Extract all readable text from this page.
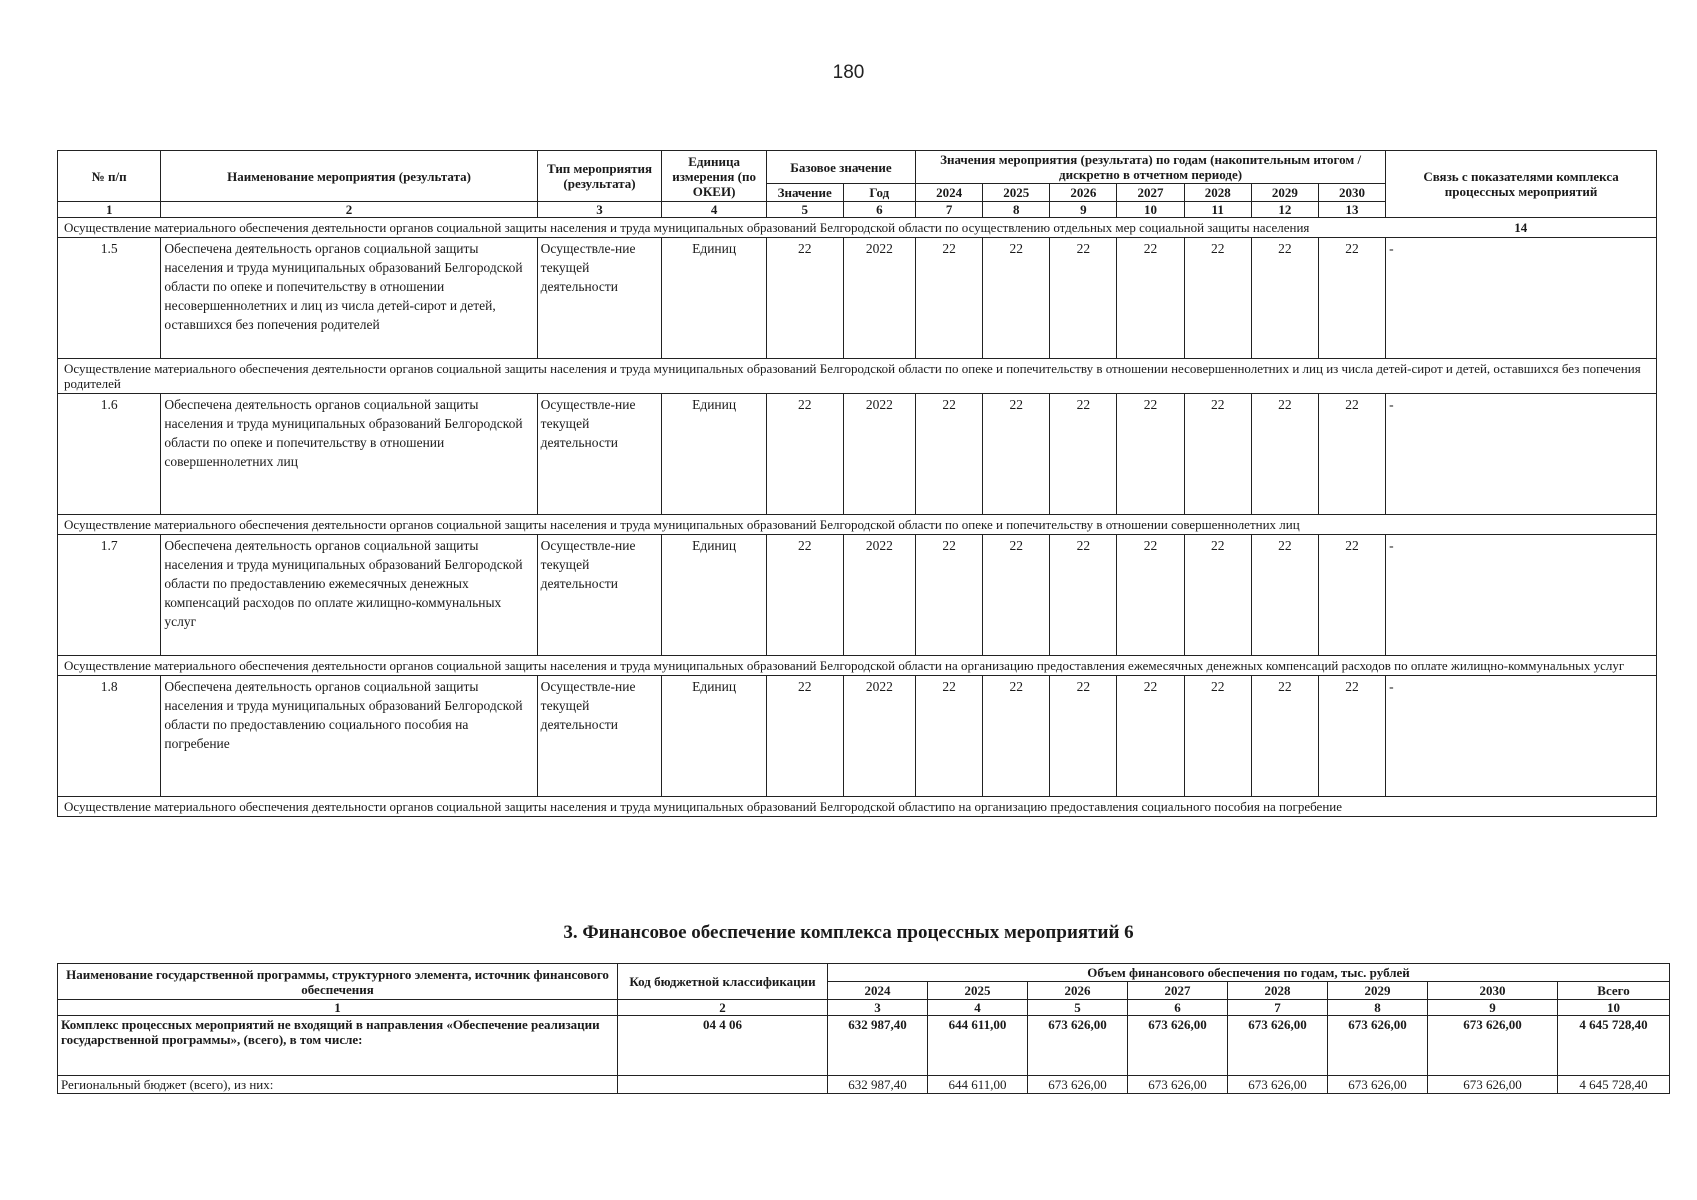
180
№ п/п	Наименование мероприятия (результата)	Тип мероприятия (результата)	Единица измерения (по ОКЕИ)	Базовое значение		Значения мероприятия (результата) по годам (накопительным итогом / дискретно в отчетном периоде)							Связь с показателями комплекса процессных мероприятий
				Значение	Год	2024	2025	2026	2027	2028	2029	2030	
1	2	3	4	5	6	7	8	9	10	11	12	13	
Осуществление материального обеспечения деятельности органов социальной защиты населения и труда муниципальных образований Белгородской области по осуществлению отдельных мер социальной защиты населения													14
1.5	Обеспечена деятельность органов социальной защиты населения и труда муниципальных образований Белгородской области по опеке и попечительству в отношении несовершеннолетних и лиц из числа детей-сирот и детей, оставшихся без попечения родителей	Осуществле-ние текущей деятельности	Единиц	22	2022	22	22	22	22	22	22	22	-
Осуществление материального обеспечения деятельности органов социальной защиты населения и труда муниципальных образований Белгородской области по опеке и попечительству в отношении несовершеннолетних и лиц из числа детей-сирот и детей, оставшихся без попечения родителей													
1.6	Обеспечена деятельность органов социальной защиты населения и труда муниципальных образований Белгородской области по опеке и попечительству в отношении совершеннолетних лиц	Осуществле-ние текущей деятельности	Единиц	22	2022	22	22	22	22	22	22	22	-
Осуществление материального обеспечения деятельности органов социальной защиты населения и труда муниципальных образований Белгородской области по опеке и попечительству в отношении совершеннолетних лиц													
1.7	Обеспечена деятельность органов социальной защиты населения и труда муниципальных образований Белгородской области по предоставлению ежемесячных денежных компенсаций расходов по оплате жилищно-коммунальных услуг	Осуществле-ние текущей деятельности	Единиц	22	2022	22	22	22	22	22	22	22	-
Осуществление материального обеспечения деятельности органов социальной защиты населения и труда муниципальных образований Белгородской области на организацию предоставления ежемесячных денежных компенсаций расходов по оплате жилищно-коммунальных услуг													
1.8	Обеспечена деятельность органов социальной защиты населения и труда муниципальных образований Белгородской области по предоставлению социального пособия на погребение	Осуществле-ние текущей деятельности	Единиц	22	2022	22	22	22	22	22	22	22	-
Осуществление материального обеспечения деятельности органов социальной защиты населения и труда муниципальных образований Белгородской областипо на организацию предоставления социального пособия на погребение													
3. Финансовое обеспечение комплекса процессных мероприятий 6
Наименование государственной программы, структурного элемента, источник финансового обеспечения	Код бюджетной классификации	Объем финансового обеспечения по годам, тыс. рублей							
		2024	2025	2026	2027	2028	2029	2030	Всего
1	2	3	4	5	6	7	8	9	10
Комплекс процессных мероприятий не входящий в направления «Обеспечение реализации государственной программы», (всего), в том числе:	04 4 06	632 987,40	644 611,00	673 626,00	673 626,00	673 626,00	673 626,00	673 626,00	4 645 728,40
Региональный бюджет (всего), из них:		632 987,40	644 611,00	673 626,00	673 626,00	673 626,00	673 626,00	673 626,00	4 645 728,40
